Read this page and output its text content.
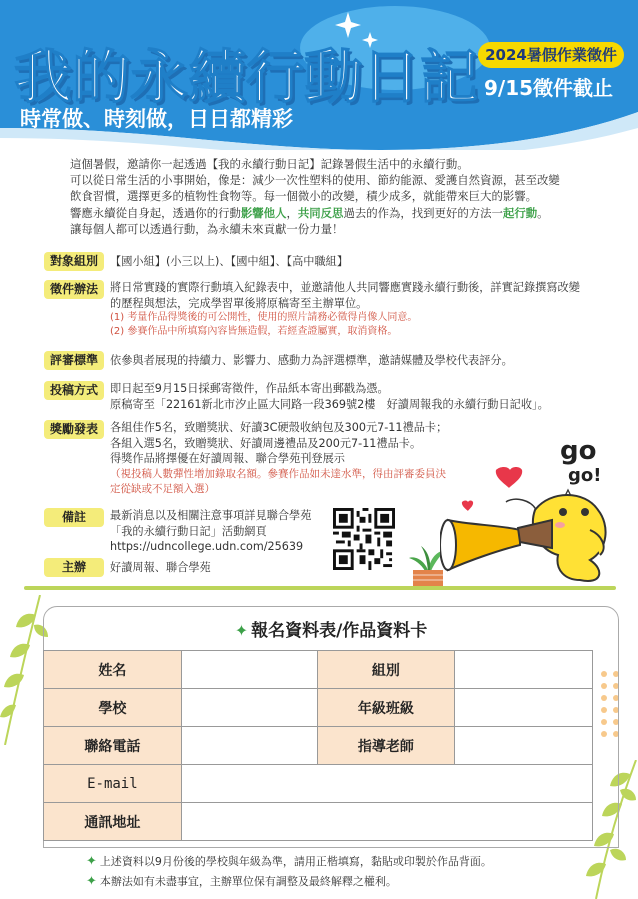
我的永續行動日記
時常做、時刻做，日日都精彩
2024暑假作業徵件
9/15徵件截止

這個暑假，邀請你一起透過【我的永續行動日記】記錄暑假生活中的永續行動。

可以從日常生活的小事開始，像是：減少一次性塑料的使用、節約能源、愛護自然資源，甚至改變

飲食習慣，選擇更多的植物性食物等。每一個微小的改變，積少成多，就能帶來巨大的影響。

響應永續從自身起，透過你的行動影響他人，共同反思過去的作為，找到更好的方法一起行動。

讓每個人都可以透過行動，為永續未來貢獻一份力量！

對象組別	【國小組】(小三以上)、【國中組】、【高中職組】
徵件辦法	將日常實踐的實際行動填入紀錄表中，並邀請他人共同響應實踐永續行動後，詳實記錄撰寫改變

的歷程與想法，完成學習單後將原稿寄至主辦單位。

(1) 考量作品得獎後的可公開性，使用的照片請務必徵得肖像人同意。

(2) 參賽作品中所填寫內容皆無造假，若經查證屬實，取消資格。

評審標準	依參與者展現的持續力、影響力、感動力為評選標準，邀請媒體及學校代表評分。
投稿方式	即日起至9月15日採郵寄徵件，作品紙本寄出郵戳為憑。

原稿寄至「22161新北市汐止區大同路一段369號2樓　好讀周報我的永續行動日記收」。

獎勵發表	各組佳作5名，致贈獎狀、好讀3C硬殼收納包及300元7-11禮品卡；

各組入選5名，致贈獎狀、好讀周邊禮品及200元7-11禮品卡。

得獎作品將擇優在好讀周報、聯合學苑刊登展示

（視投稿人數彈性增加錄取名額。參賽作品如未達水準，得由評審委員決

定從缺或不足額入選）

備註	最新消息以及相關注意事項詳見聯合學苑

「我的永續行動日記」活動網頁

https://udncollege.udn.com/25639

主辦	好讀周報、聯合學苑
go
go!
✦ 報名資料表/作品資料卡
姓名		組別	
學校		年級班級	
聯絡電話		指導老師	
E-mail			
通訊地址			

✦ 上述資料以9月份後的學校與年級為準，請用正楷填寫，黏貼或印製於作品背面。

✦ 本辦法如有未盡事宜，主辦單位保有調整及最終解釋之權利。
